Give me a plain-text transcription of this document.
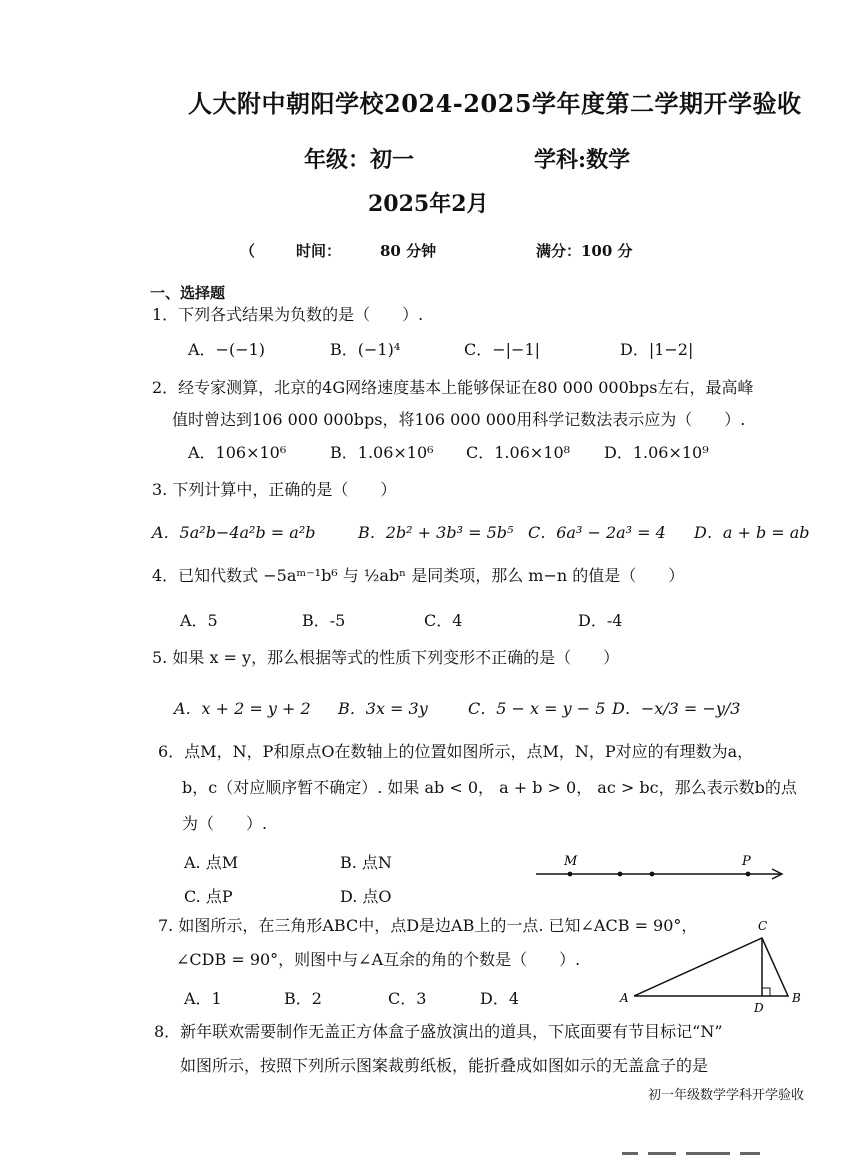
人大附中朝阳学校2024-2025学年度第二学期开学验收
年级：初一	学科:数学
2025年2月
（	时间：	80 分钟	满分：100 分
一、选择题
1．下列各式结果为负数的是（　　）.
A．−(−1)	B．(−1)⁴	C．−|−1|	D．|1−2|
2．经专家测算，北京的4G网络速度基本上能够保证在80 000 000bps左右，最高峰
值时曾达到106 000 000bps，将106 000 000用科学记数法表示应为（　　）.
A．106×10⁶	B．1.06×10⁶ C．1.06×10⁸ D．1.06×10⁹
3. 下列计算中，正确的是（　　）
A．5a²b−4a²b = a²b	B．2b² + 3b³ = 5b⁵ C．6a³ − 2a³ = 4 D．a + b = ab
4．已知代数式 −5aᵐ⁻¹b⁶ 与 ½abⁿ 是同类项，那么 m−n 的值是（　　）
A．5	B．-5	C．4	D．-4
5. 如果 x = y，那么根据等式的性质下列变形不正确的是（　　）
A．x + 2 = y + 2 B．3x = 3y	C．5 − x = y − 5 D．−x/3 = −y/3
6．点M，N，P和原点O在数轴上的位置如图所示，点M，N，P对应的有理数为a，
b，c（对应顺序暂不确定）. 如果 ab < 0， a + b > 0， ac > bc，那么表示数b的点
为（　　）.
A. 点M	B. 点N
C. 点P	D. 点O
M	P
7. 如图所示，在三角形ABC中，点D是边AB上的一点. 已知∠ACB = 90°，
∠CDB = 90°，则图中与∠A互余的角的个数是（　　）.
A．1	B．2	C．3	D．4	A	B
C
D
8．新年联欢需要制作无盖正方体盒子盛放演出的道具，下底面要有节目标记“N”
如图所示，按照下列所示图案裁剪纸板，能折叠成如图如示的无盖盒子的是
初一年级数学学科开学验收
